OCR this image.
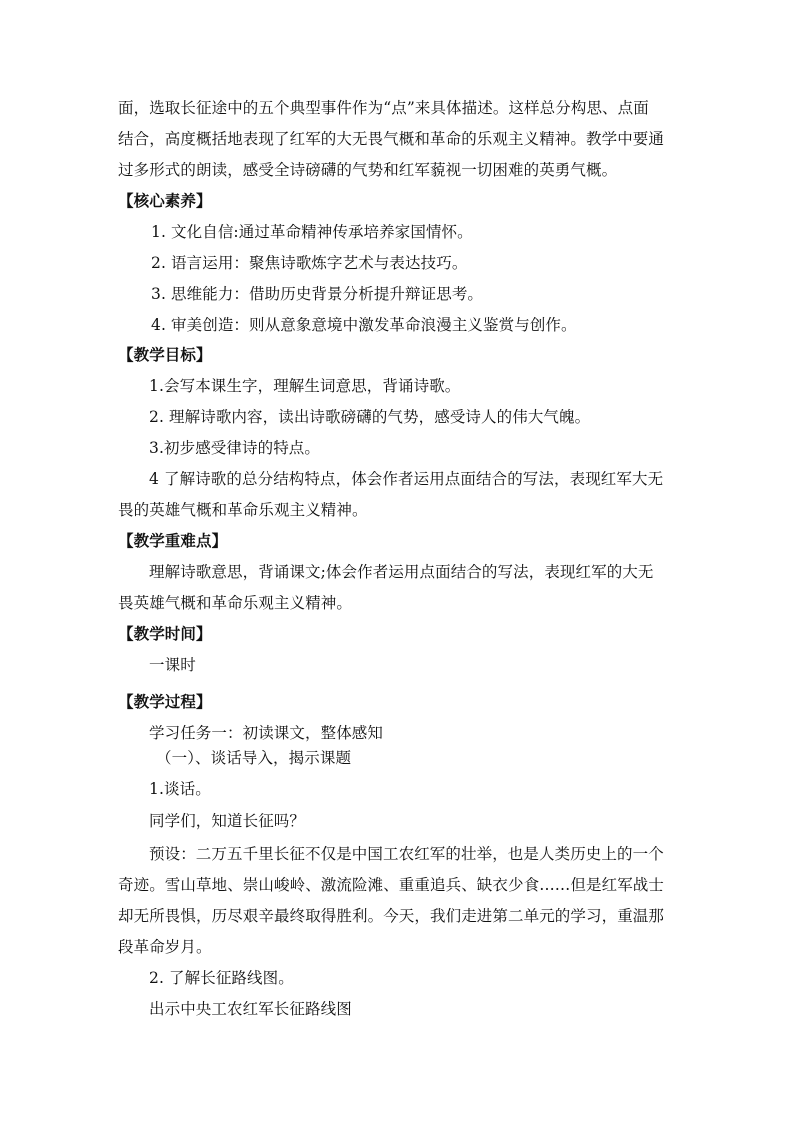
面，选取长征途中的五个典型事件作为“点”来具体描述。这样总分构思、点面
结合，高度概括地表现了红军的大无畏气概和革命的乐观主义精神。教学中要通
过多形式的朗读，感受全诗磅礴的气势和红军藐视一切困难的英勇气概。
【核心素养】
1. 文化自信:通过革命精神传承培养家国情怀。
2. 语言运用：聚焦诗歌炼字艺术与表达技巧。
3. 思维能力：借助历史背景分析提升辩证思考。
4. 审美创造：则从意象意境中激发革命浪漫主义鉴赏与创作。
【教学目标】
1.会写本课生字，理解生词意思，背诵诗歌。
2. 理解诗歌内容，读出诗歌磅礴的气势，感受诗人的伟大气魄。
3.初步感受律诗的特点。
4 了解诗歌的总分结构特点，体会作者运用点面结合的写法，表现红军大无
畏的英雄气概和革命乐观主义精神。
【教学重难点】
理解诗歌意思，背诵课文;体会作者运用点面结合的写法，表现红军的大无
畏英雄气概和革命乐观主义精神。
【教学时间】
一课时
【教学过程】
学习任务一：初读课文，整体感知
（一）、谈话导入，揭示课题
1.谈话。
同学们，知道长征吗？
预设：二万五千里长征不仅是中国工农红军的壮举，也是人类历史上的一个
奇迹。雪山草地、崇山峻岭、激流险滩、重重追兵、缺衣少食……但是红军战士
却无所畏惧，历尽艰辛最终取得胜利。今天，我们走进第二单元的学习，重温那
段革命岁月。
2. 了解长征路线图。
出示中央工农红军长征路线图
